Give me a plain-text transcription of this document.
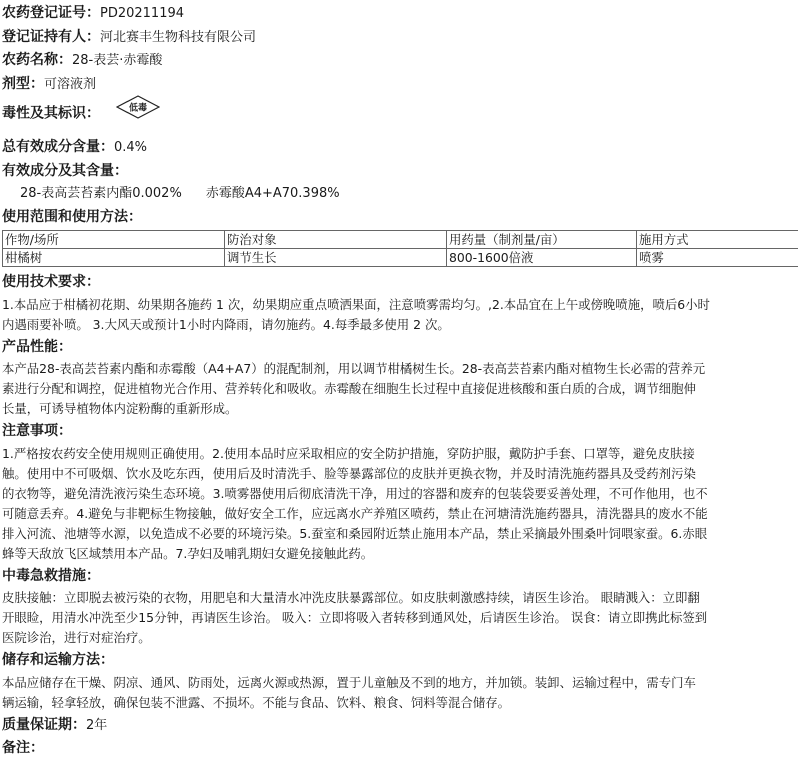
农药登记证号：PD20211194
登记证持有人：河北赛丰生物科技有限公司
农药名称：28-表芸·赤霉酸
剂型：可溶液剂
毒性及其标识：	低毒
总有效成分含量：0.4%
有效成分及其含量：
28-表高芸苔素内酯0.002% 赤霉酸A4+A70.398%
使用范围和使用方法：
作物/场所	防治对象	用药量（制剂量/亩）	施用方式
柑橘树	调节生长	800-1600倍液	喷雾
使用技术要求：

1.本品应于柑橘初花期、幼果期各施药 1 次，幼果期应重点喷洒果面，注意喷雾需均匀。,2.本品宜在上午或傍晚喷施，喷后6小时

内遇雨要补喷。 3.大风天或预计1小时内降雨，请勿施药。4.每季最多使用 2 次。

产品性能：

本产品28-表高芸苔素内酯和赤霉酸（A4+A7）的混配制剂，用以调节柑橘树生长。28-表高芸苔素内酯对植物生长必需的营养元

素进行分配和调控，促进植物光合作用、营养转化和吸收。赤霉酸在细胞生长过程中直接促进核酸和蛋白质的合成，调节细胞伸

长量，可诱导植物体内淀粉酶的重新形成。

注意事项：

1.严格按农药安全使用规则正确使用。2.使用本品时应采取相应的安全防护措施，穿防护服，戴防护手套、口罩等，避免皮肤接

触。使用中不可吸烟、饮水及吃东西，使用后及时清洗手、脸等暴露部位的皮肤并更换衣物，并及时清洗施药器具及受药剂污染

的衣物等，避免清洗液污染生态环境。3.喷雾器使用后彻底清洗干净，用过的容器和废弃的包装袋要妥善处理，不可作他用，也不

可随意丢弃。4.避免与非靶标生物接触，做好安全工作，应远离水产养殖区喷药，禁止在河塘清洗施药器具，清洗器具的废水不能

排入河流、池塘等水源，以免造成不必要的环境污染。5.蚕室和桑园附近禁止施用本产品，禁止采摘最外围桑叶饲喂家蚕。6.赤眼

蜂等天敌放飞区域禁用本产品。7.孕妇及哺乳期妇女避免接触此药。

中毒急救措施：

皮肤接触：立即脱去被污染的衣物，用肥皂和大量清水冲洗皮肤暴露部位。如皮肤刺激感持续，请医生诊治。 眼睛溅入：立即翻

开眼睑，用清水冲洗至少15分钟，再请医生诊治。 吸入：立即将吸入者转移到通风处，后请医生诊治。 误食：请立即携此标签到

医院诊治，进行对症治疗。

储存和运输方法：

本品应储存在干燥、阴凉、通风、防雨处，远离火源或热源，置于儿童触及不到的地方，并加锁。装卸、运输过程中，需专门车

辆运输，轻拿轻放，确保包装不泄露、不损坏。不能与食品、饮料、粮食、饲料等混合储存。

质量保证期：2年
备注：
